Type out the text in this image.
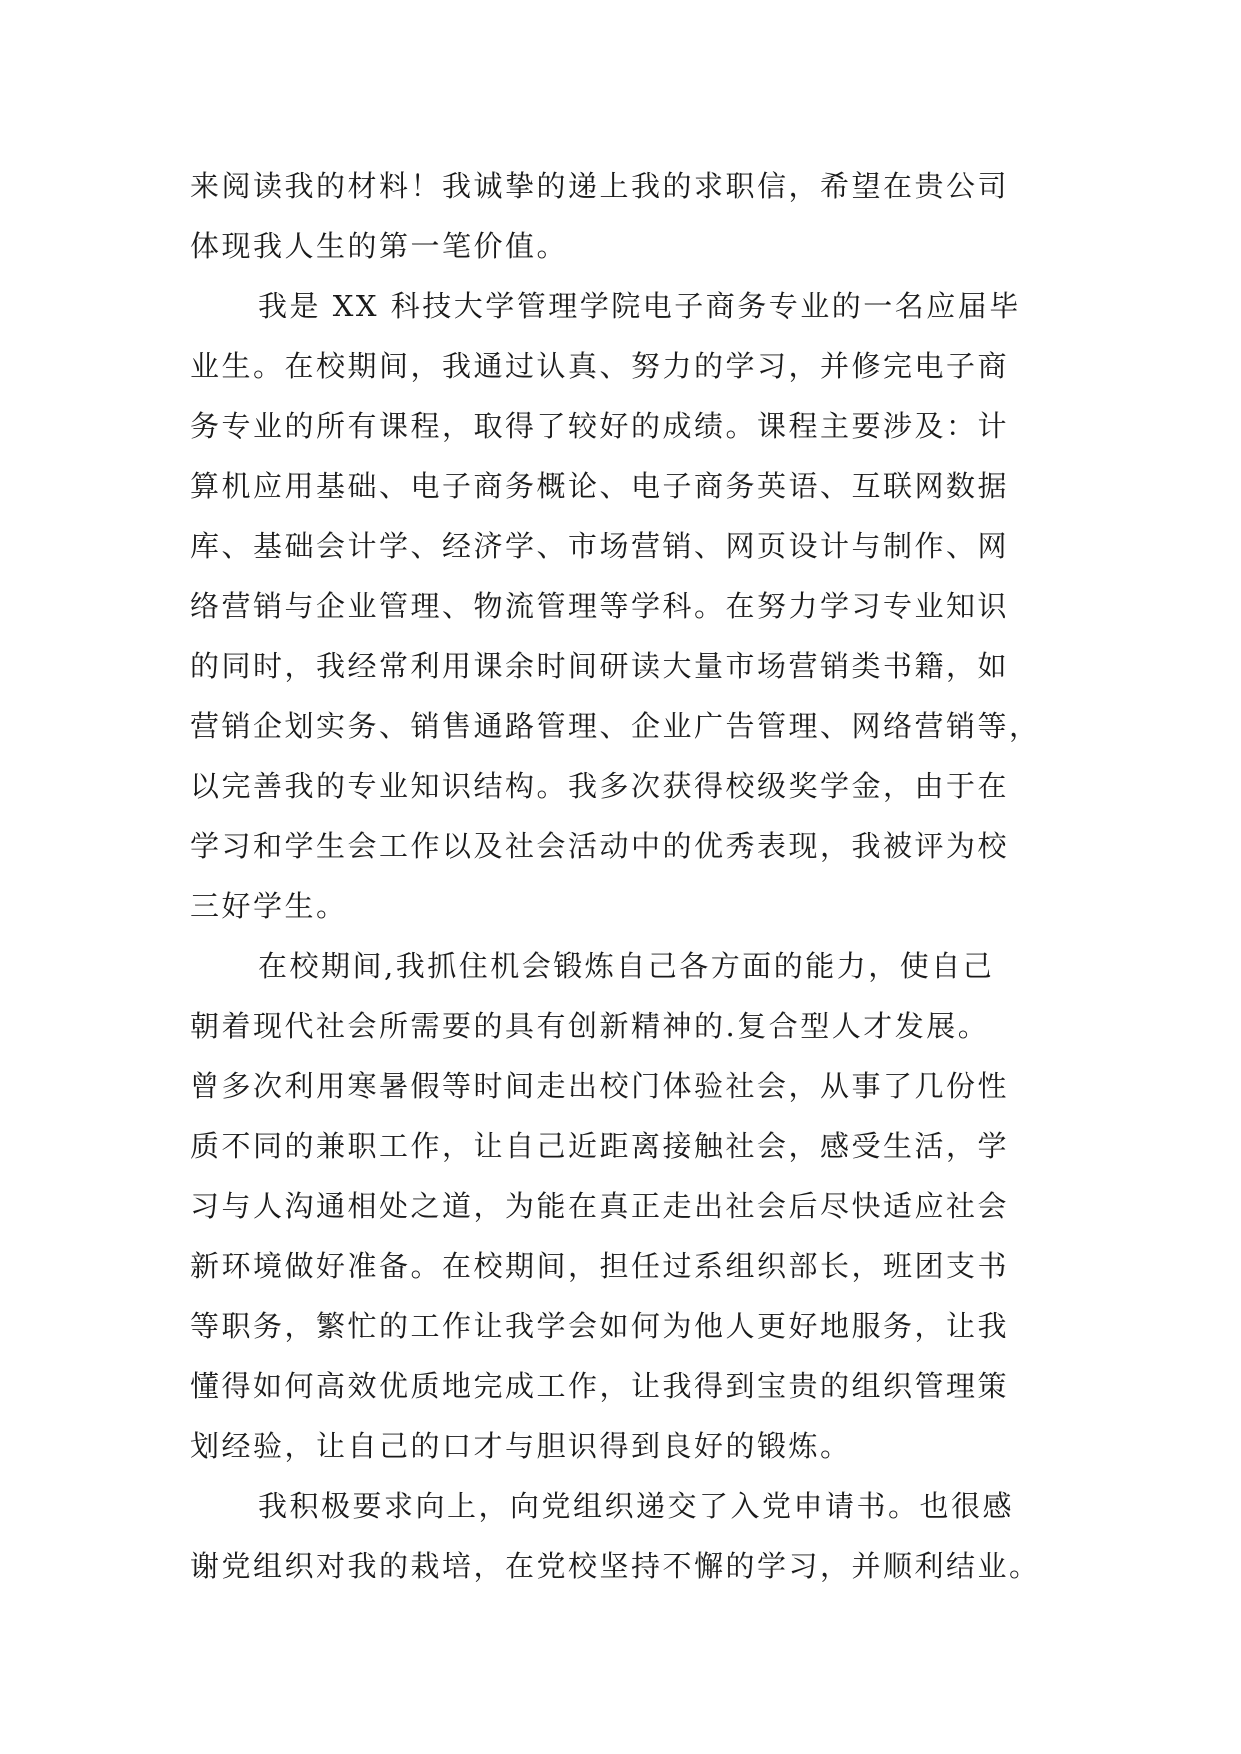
来阅读我的材料！我诚挚的递上我的求职信，希望在贵公司
体现我人生的第一笔价值。
我是 XX 科技大学管理学院电子商务专业的一名应届毕
业生。在校期间，我通过认真、努力的学习，并修完电子商
务专业的所有课程，取得了较好的成绩。课程主要涉及：计
算机应用基础、电子商务概论、电子商务英语、互联网数据
库、基础会计学、经济学、市场营销、网页设计与制作、网
络营销与企业管理、物流管理等学科。在努力学习专业知识
的同时，我经常利用课余时间研读大量市场营销类书籍，如
营销企划实务、销售通路管理、企业广告管理、网络营销等，
以完善我的专业知识结构。我多次获得校级奖学金，由于在
学习和学生会工作以及社会活动中的优秀表现，我被评为校
三好学生。
在校期间,我抓住机会锻炼自己各方面的能力，使自己
朝着现代社会所需要的具有创新精神的.复合型人才发展。
曾多次利用寒暑假等时间走出校门体验社会，从事了几份性
质不同的兼职工作，让自己近距离接触社会，感受生活，学
习与人沟通相处之道，为能在真正走出社会后尽快适应社会
新环境做好准备。在校期间，担任过系组织部长，班团支书
等职务，繁忙的工作让我学会如何为他人更好地服务，让我
懂得如何高效优质地完成工作，让我得到宝贵的组织管理策
划经验，让自己的口才与胆识得到良好的锻炼。
我积极要求向上，向党组织递交了入党申请书。也很感
谢党组织对我的栽培，在党校坚持不懈的学习，并顺利结业。
